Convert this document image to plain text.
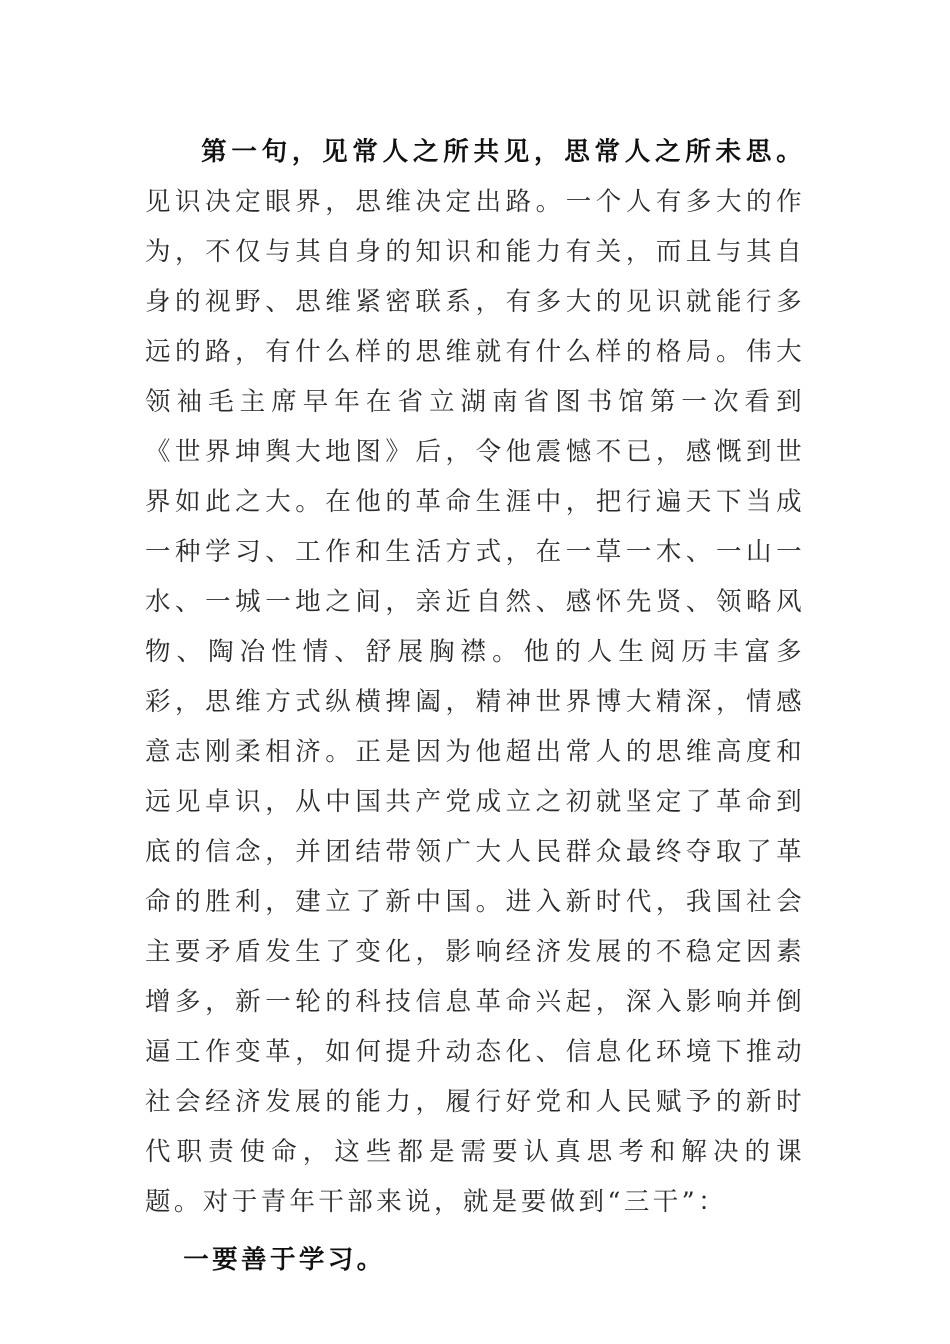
第一句，见常人之所共见，思常人之所未思。见识决定眼界，思维决定出路。一个人有多大的作为，不仅与其自身的知识和能力有关，而且与其自身的视野、思维紧密联系，有多大的见识就能行多远的路，有什么样的思维就有什么样的格局。伟大领袖毛主席早年在省立湖南省图书馆第一次看到《世界坤舆大地图》后，令他震憾不已，感慨到世界如此之大。在他的革命生涯中，把行遍天下当成一种学习、工作和生活方式，在一草一木、一山一水、一城一地之间，亲近自然、感怀先贤、领略风物、陶冶性情、舒展胸襟。他的人生阅历丰富多彩，思维方式纵横捭阖，精神世界博大精深，情感意志刚柔相济。正是因为他超出常人的思维高度和远见卓识，从中国共产党成立之初就坚定了革命到底的信念，并团结带领广大人民群众最终夺取了革命的胜利，建立了新中国。进入新时代，我国社会主要矛盾发生了变化，影响经济发展的不稳定因素增多，新一轮的科技信息革命兴起，深入影响并倒逼工作变革，如何提升动态化、信息化环境下推动社会经济发展的能力，履行好党和人民赋予的新时代职责使命，这些都是需要认真思考和解决的课题。对于青年干部来说，就是要做到“三干”：

一要善于学习。
